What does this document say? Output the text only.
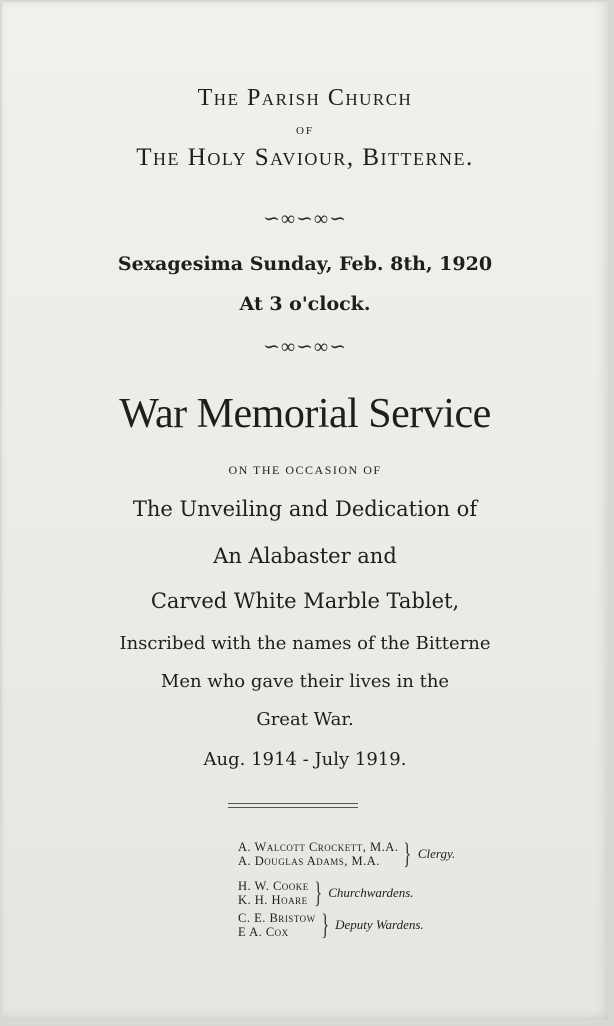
The Parish Church
OF
The Holy Saviour, Bitterne.
∽∞∽∞∽
Sexagesima Sunday, Feb. 8th, 1920
At 3 o'clock.
∽∞∽∞∽
War Memorial Service
ON THE OCCASION OF
The Unveiling and Dedication of
An Alabaster and
Carved White Marble Tablet,
Inscribed with the names of the Bitterne
Men who gave their lives in the
Great War.
Aug. 1914 - July 1919.
A. Walcott Crockett, M.A.
A. Douglas Adams, M.A. } Clergy.
H. W. Cooke
K. H. Hoare } Churchwardens.
C. E. Bristow
E A. Cox	} Deputy Wardens.
